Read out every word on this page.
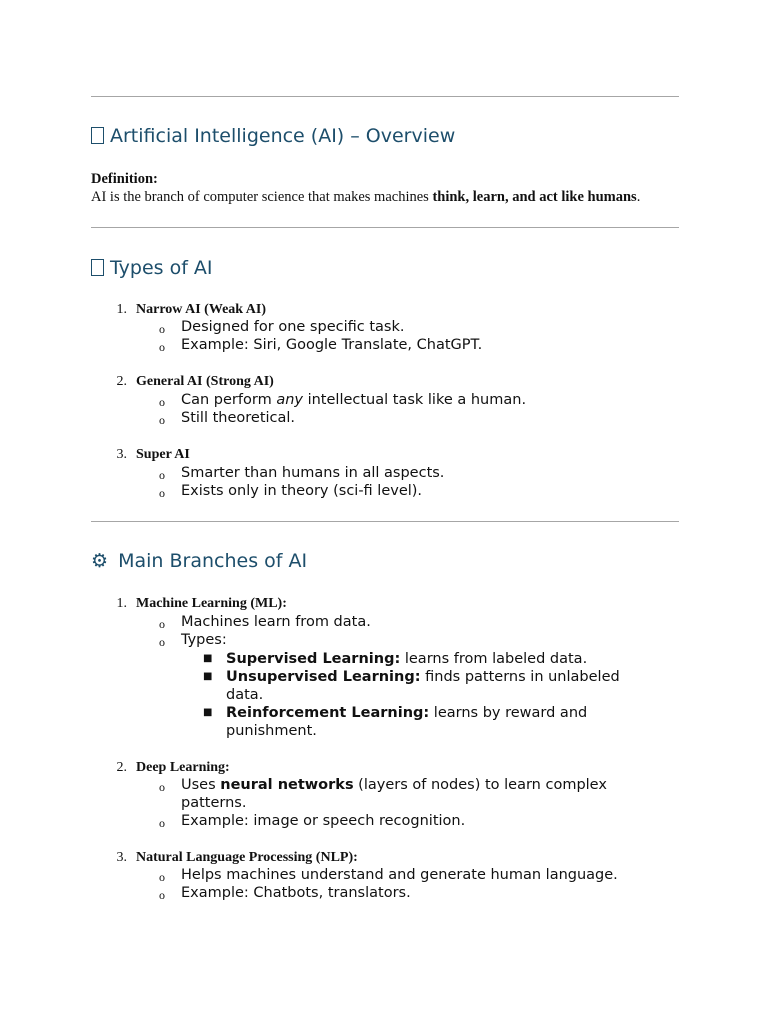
Artificial Intelligence (AI) – Overview
Definition:
AI is the branch of computer science that makes machines think, learn, and act like humans.
Types of AI
1. Narrow AI (Weak AI)
o Designed for one specific task.
o Example: Siri, Google Translate, ChatGPT.
2. General AI (Strong AI)
o Can perform any intellectual task like a human.
o Still theoretical.
3. Super AI
o Smarter than humans in all aspects.
o Exists only in theory (sci-fi level).
⚙ Main Branches of AI
1. Machine Learning (ML):
o Machines learn from data.
o Types:
■ Supervised Learning: learns from labeled data.
■ Unsupervised Learning: finds patterns in unlabeled data.
■ Reinforcement Learning: learns by reward and punishment.
2. Deep Learning:
o Uses neural networks (layers of nodes) to learn complex patterns.
o Example: image or speech recognition.
3. Natural Language Processing (NLP):
o Helps machines understand and generate human language.
o Example: Chatbots, translators.
